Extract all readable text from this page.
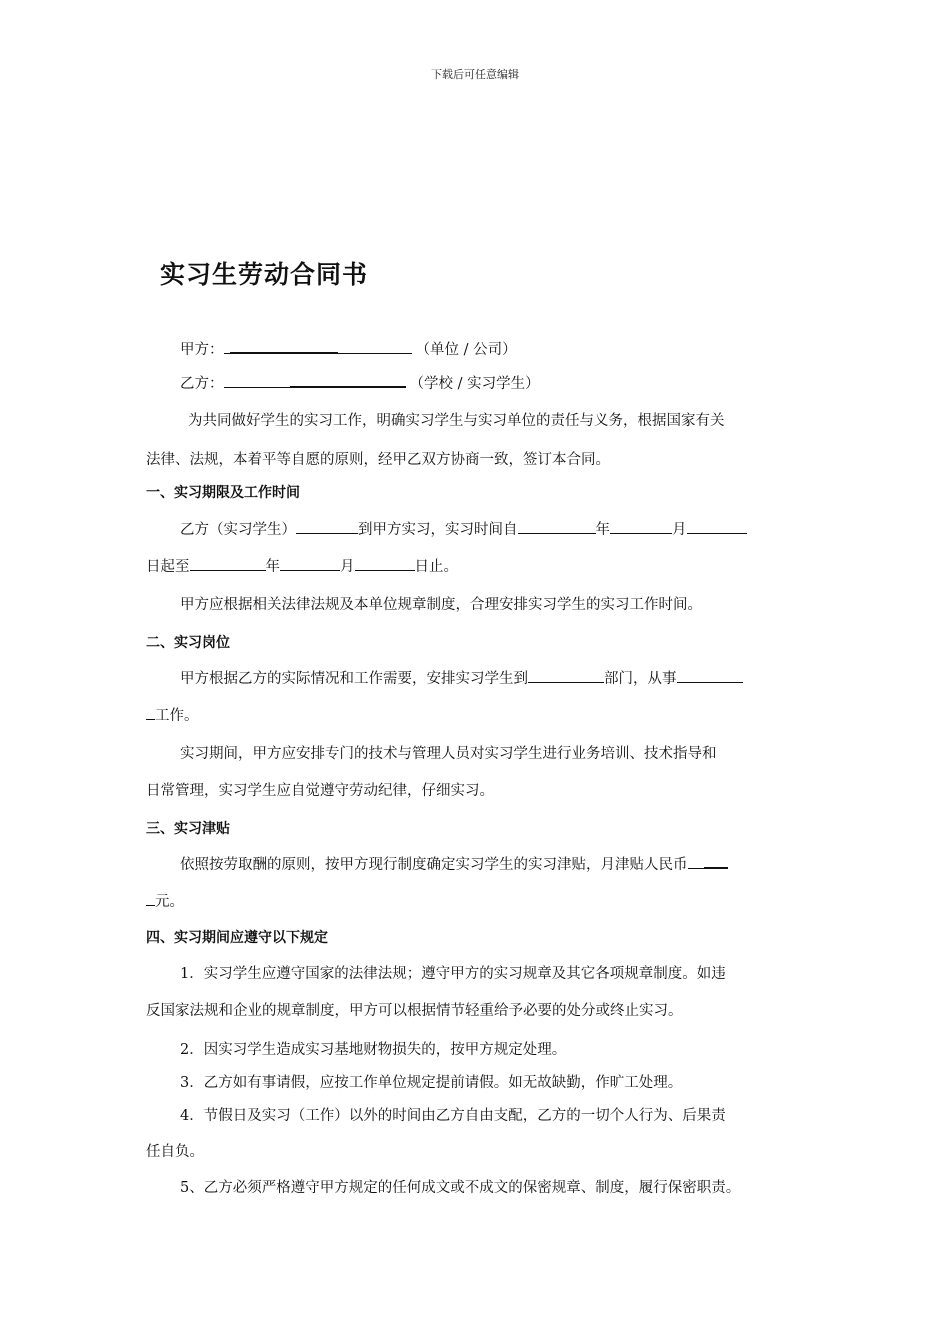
下载后可任意编辑
实习生劳动合同书
甲方：	（单位 / 公司）
乙方：	（学校 / 实习学生）
为共同做好学生的实习工作，明确实习学生与实习单位的责任与义务，根据国家有关
法律、法规，本着平等自愿的原则，经甲乙双方协商一致，签订本合同。
一、实习期限及工作时间
乙方（实习学生）	到甲方实习，实习时间自	年	月
日起至	年	月	日止。
甲方应根据相关法律法规及本单位规章制度，合理安排实习学生的实习工作时间。
二、实习岗位
甲方根据乙方的实际情况和工作需要，安排实习学生到	部门，从事
工作。
实习期间，甲方应安排专门的技术与管理人员对实习学生进行业务培训、技术指导和
日常管理，实习学生应自觉遵守劳动纪律，仔细实习。
三、实习津贴
依照按劳取酬的原则，按甲方现行制度确定实习学生的实习津贴，月津贴人民币
元。
四、实习期间应遵守以下规定
1．实习学生应遵守国家的法律法规；遵守甲方的实习规章及其它各项规章制度。如违
反国家法规和企业的规章制度，甲方可以根据情节轻重给予必要的处分或终止实习。
2．因实习学生造成实习基地财物损失的，按甲方规定处理。
3．乙方如有事请假，应按工作单位规定提前请假。如无故缺勤，作旷工处理。
4．节假日及实习（工作）以外的时间由乙方自由支配，乙方的一切个人行为、后果责
任自负。
5、乙方必须严格遵守甲方规定的任何成文或不成文的保密规章、制度，履行保密职责。
